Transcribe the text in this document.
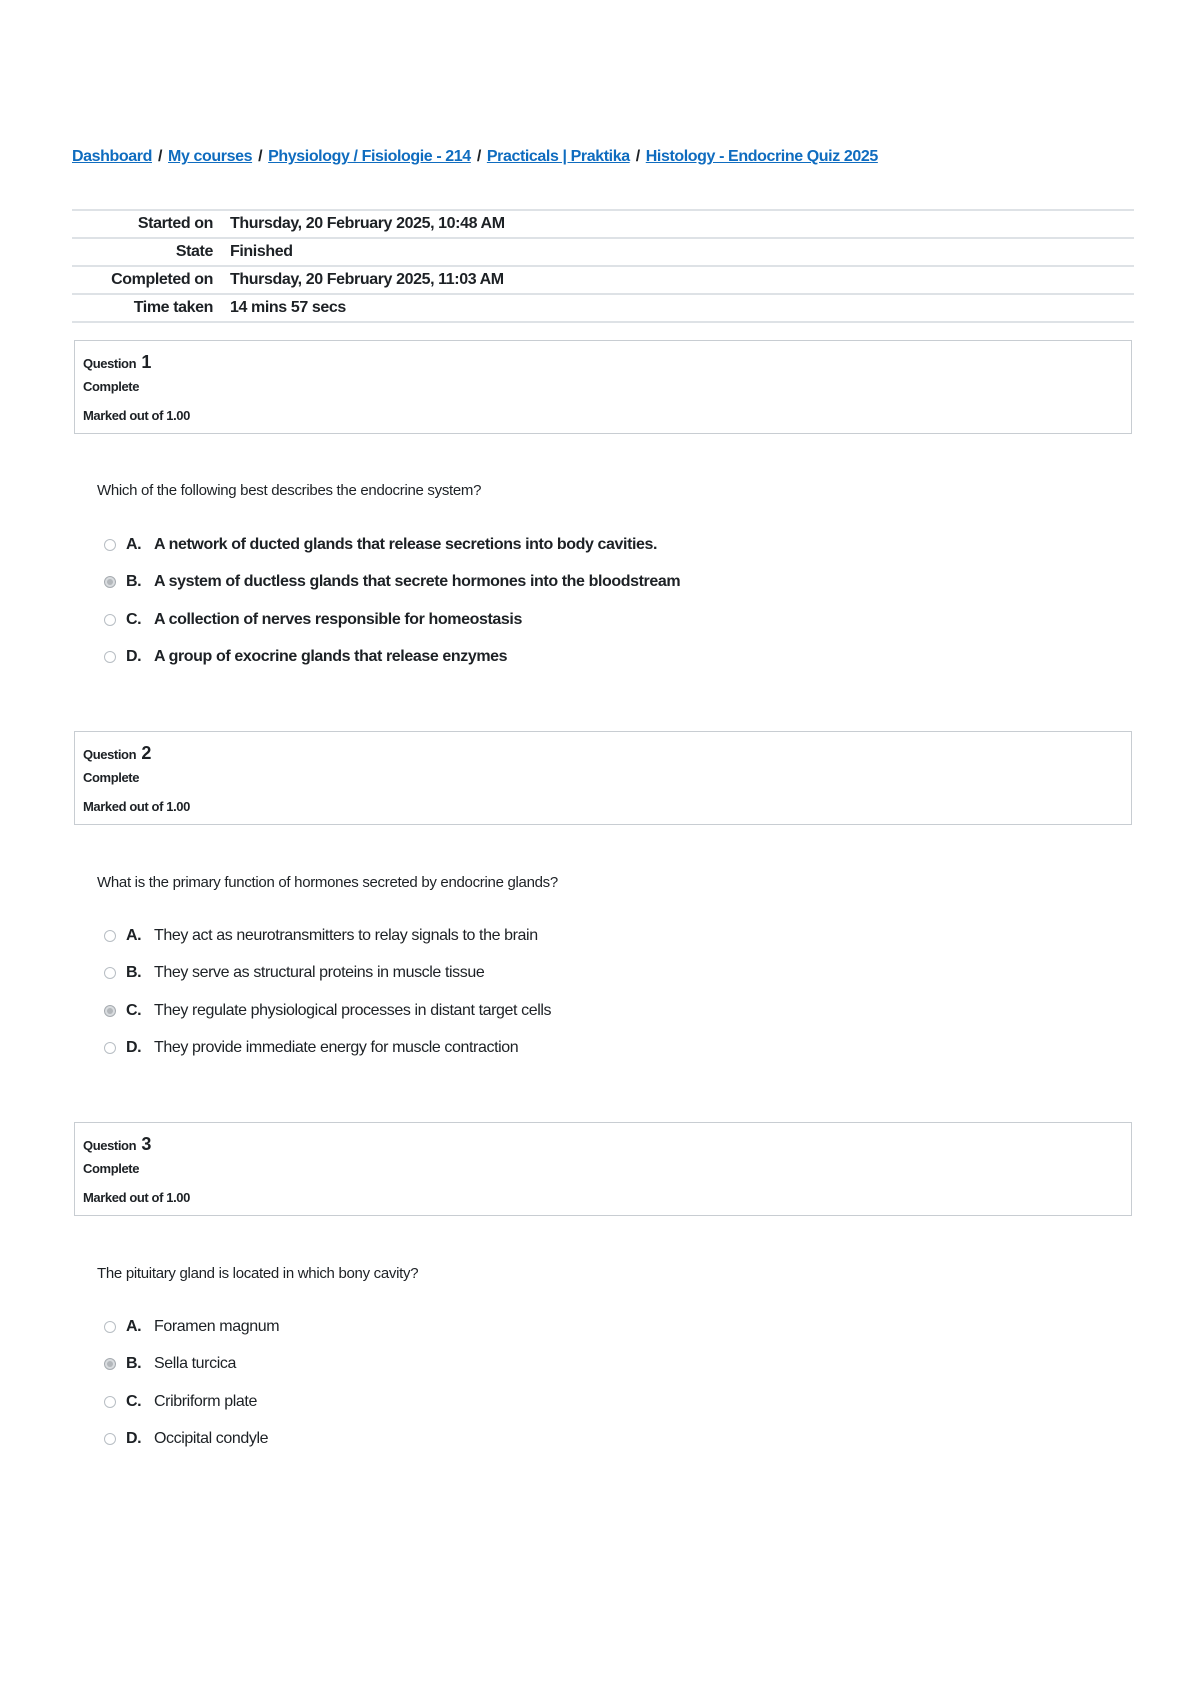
Dashboard / My courses / Physiology / Fisiologie - 214 / Practicals | Praktika / Histology - Endocrine Quiz 2025
Started on	Thursday, 20 February 2025, 10:48 AM
State	Finished
Completed on	Thursday, 20 February 2025, 11:03 AM
Time taken	14 mins 57 secs
Question 1
Complete
Marked out of 1.00
Which of the following best describes the endocrine system?
A. A network of ducted glands that release secretions into body cavities.
B. A system of ductless glands that secrete hormones into the bloodstream
C. A collection of nerves responsible for homeostasis
D. A group of exocrine glands that release enzymes
Question 2
Complete
Marked out of 1.00
What is the primary function of hormones secreted by endocrine glands?
A. They act as neurotransmitters to relay signals to the brain
B. They serve as structural proteins in muscle tissue
C. They regulate physiological processes in distant target cells
D. They provide immediate energy for muscle contraction
Question 3
Complete
Marked out of 1.00
The pituitary gland is located in which bony cavity?
A. Foramen magnum
B. Sella turcica
C. Cribriform plate
D. Occipital condyle
